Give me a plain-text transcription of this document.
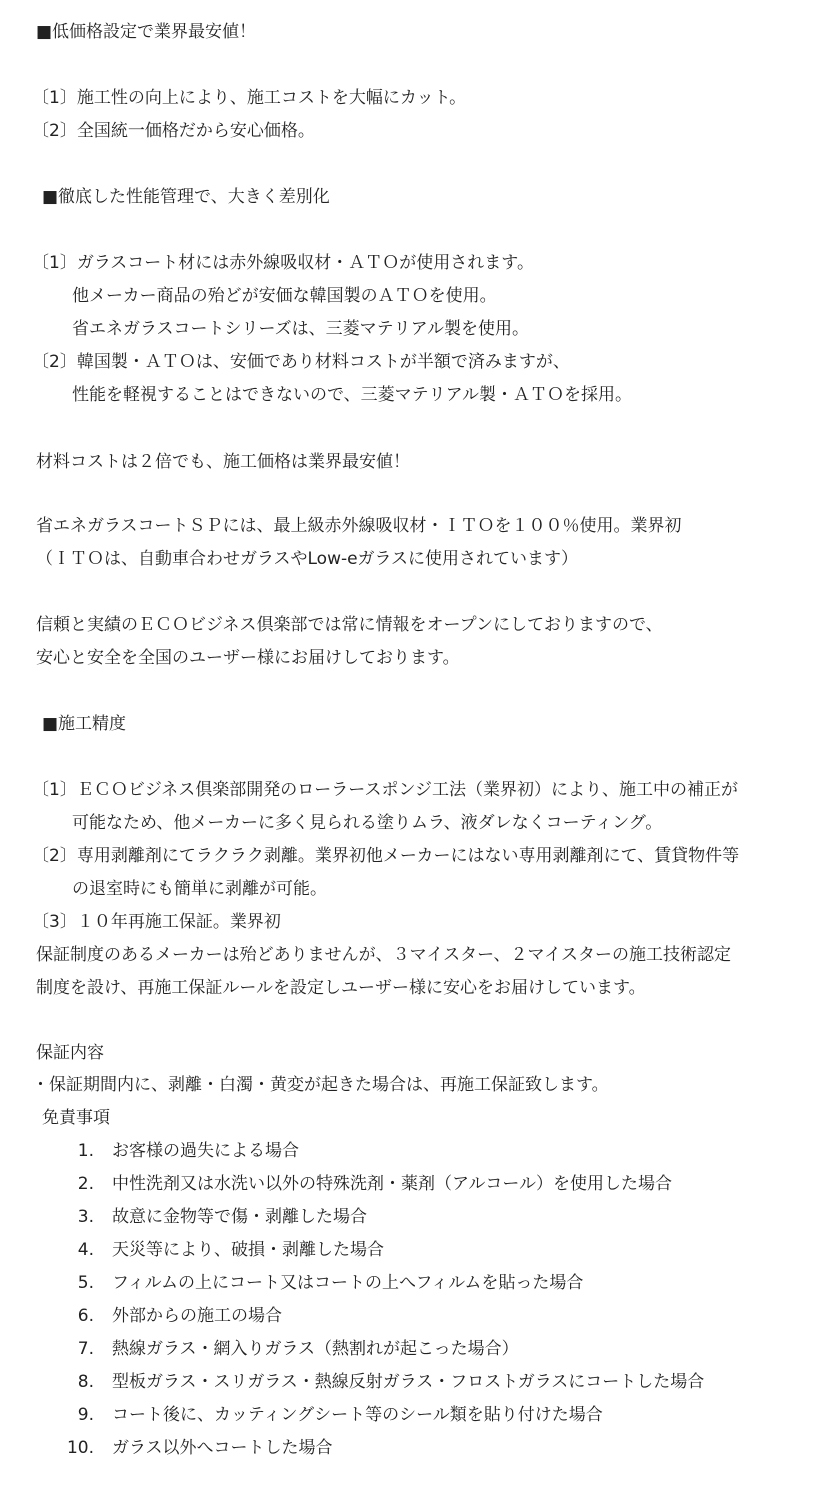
■低価格設定で業界最安値！
〔1〕施工性の向上により、施工コストを大幅にカット。
〔2〕全国統一価格だから安心価格。
■徹底した性能管理で、大きく差別化
〔1〕ガラスコート材には赤外線吸収材・ＡＴＯが使用されます。
他メーカー商品の殆どが安価な韓国製のＡＴＯを使用。
省エネガラスコートシリーズは、三菱マテリアル製を使用。
〔2〕韓国製・ＡＴＯは、安価であり材料コストが半額で済みますが、
性能を軽視することはできないので、三菱マテリアル製・ＡＴＯを採用。
材料コストは２倍でも、施工価格は業界最安値！
省エネガラスコートＳＰには、最上級赤外線吸収材・ＩＴＯを１００％使用。業界初
（ＩＴＯは、自動車合わせガラスやLow-eガラスに使用されています）
信頼と実績のＥＣＯビジネス倶楽部では常に情報をオープンにしておりますので、
安心と安全を全国のユーザー様にお届けしております。
■施工精度
〔1〕ＥＣＯビジネス倶楽部開発のローラースポンジ工法（業界初）により、施工中の補正が
可能なため、他メーカーに多く見られる塗りムラ、液ダレなくコーティング。
〔2〕専用剥離剤にてラクラク剥離。業界初他メーカーにはない専用剥離剤にて、賃貸物件等
の退室時にも簡単に剥離が可能。
〔3〕１０年再施工保証。業界初
保証制度のあるメーカーは殆どありませんが、３マイスター、２マイスターの施工技術認定
制度を設け、再施工保証ルールを設定しユーザー様に安心をお届けしています。
保証内容
・保証期間内に、剥離・白濁・黄変が起きた場合は、再施工保証致します。
免責事項
1. お客様の過失による場合
2. 中性洗剤又は水洗い以外の特殊洗剤・薬剤（アルコール）を使用した場合
3. 故意に金物等で傷・剥離した場合
4. 天災等により、破損・剥離した場合
5. フィルムの上にコート又はコートの上へフィルムを貼った場合
6. 外部からの施工の場合
7. 熱線ガラス・網入りガラス（熱割れが起こった場合）
8. 型板ガラス・スリガラス・熱線反射ガラス・フロストガラスにコートした場合
9. コート後に、カッティングシート等のシール類を貼り付けた場合
10. ガラス以外へコートした場合
